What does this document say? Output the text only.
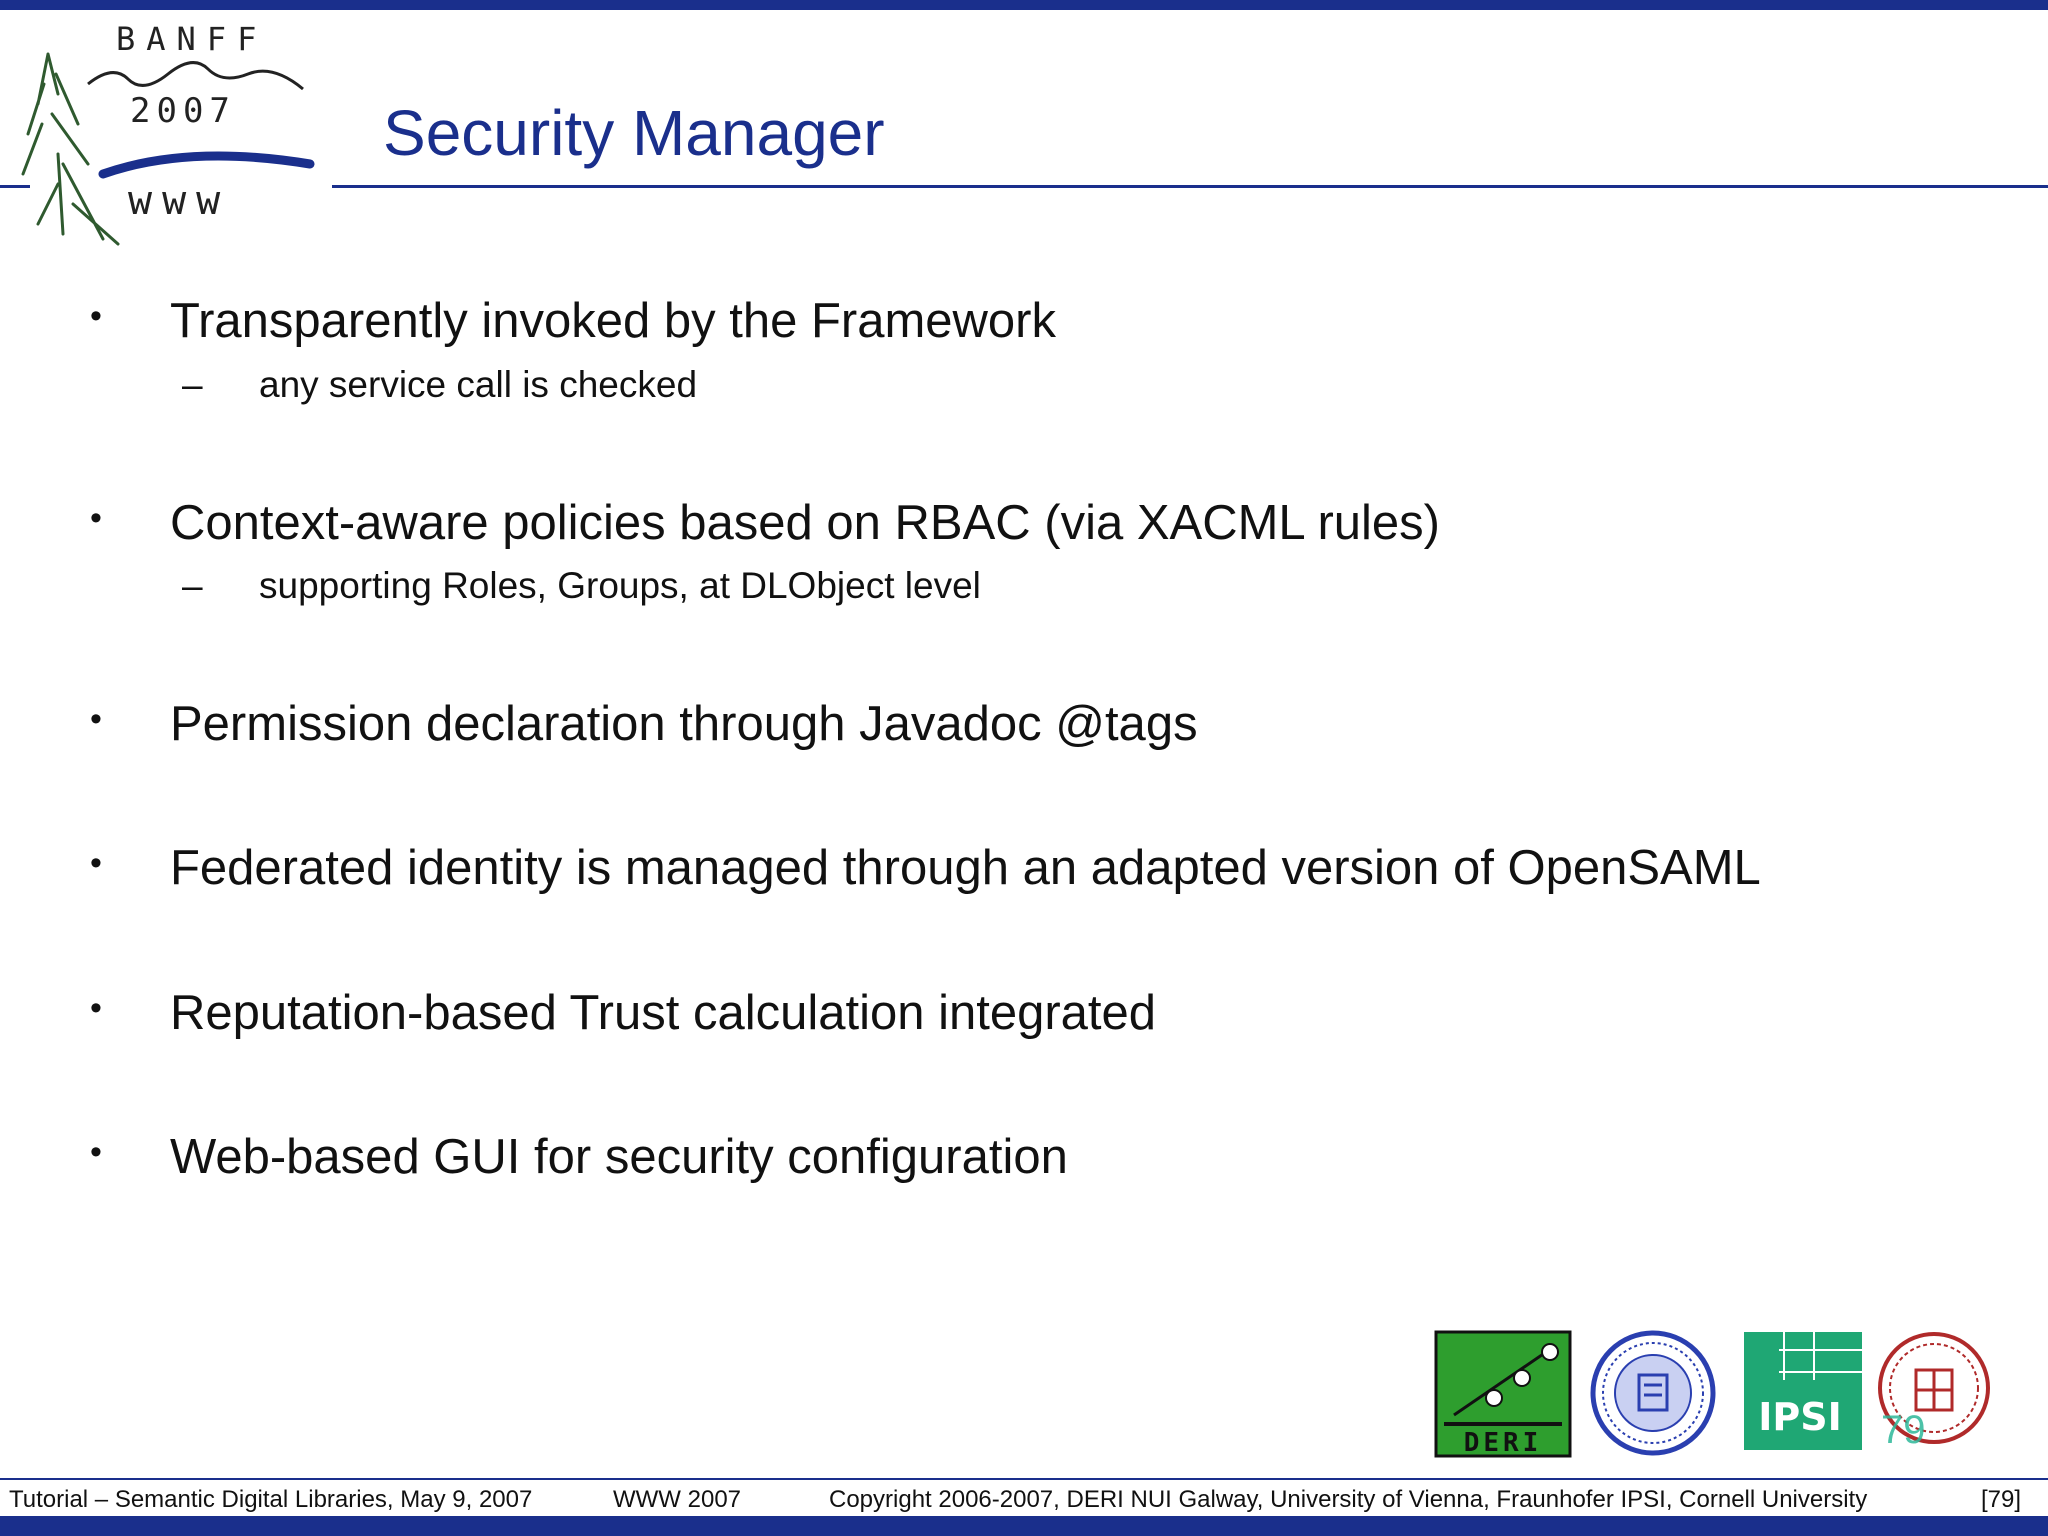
BANFF
2007
www
Security Manager
• Transparently invoked by the Framework
– any service call is checked
• Context-aware policies based on RBAC (via XACML rules)
– supporting Roles, Groups, at DLObject level
• Permission declaration through Javadoc @tags
• Federated identity is managed through an adapted version of OpenSAML
• Reputation-based Trust calculation integrated
• Web-based GUI for security configuration
DERI
IPSI 79
Tutorial – Semantic Digital Libraries, May 9, 2007	WWW 2007	Copyright 2006-2007, DERI NUI Galway, University of Vienna, Fraunhofer IPSI, Cornell University	[79]
